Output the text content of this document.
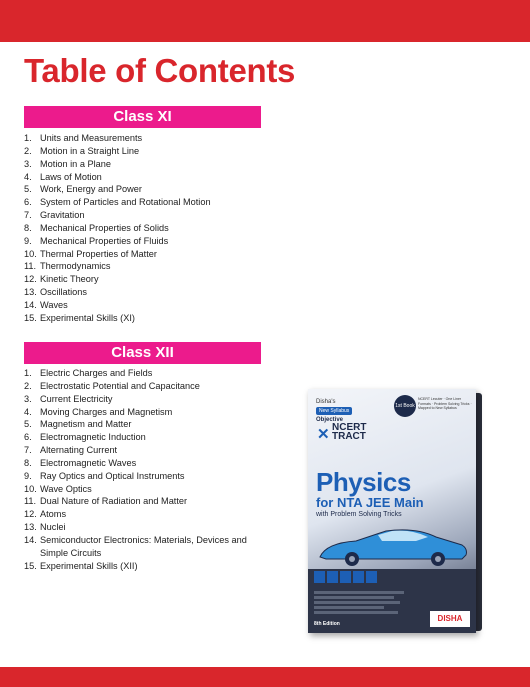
Table of Contents
Class XI
1. Units and Measurements
2. Motion in a Straight Line
3. Motion in a Plane
4. Laws of Motion
5. Work, Energy and Power
6. System of Particles and Rotational Motion
7. Gravitation
8. Mechanical Properties of Solids
9. Mechanical Properties of Fluids
10. Thermal Properties of Matter
11. Thermodynamics
12. Kinetic Theory
13. Oscillations
14. Waves
15. Experimental Skills (XI)
Class XII
1. Electric Charges and Fields
2. Electrostatic Potential and Capacitance
3. Current Electricity
4. Moving Charges and Magnetism
5. Magnetism and Matter
6. Electromagnetic Induction
7. Alternating Current
8. Electromagnetic Waves
9. Ray Optics and Optical Instruments
10. Wave Optics
11. Dual Nature of Radiation and Matter
12. Atoms
13. Nuclei
14. Semiconductor Electronics: Materials, Devices and Simple Circuits
15. Experimental Skills (XII)
Disha's
New Syllabus
Objective
✕ NCERT
TRACT
1st Book
NCERT Lecuter · One Liner Formats · Problem Solving Tricks · Mapped to New Syllabus
Physics
for NTA JEE Main
with Problem Solving Tricks
8th Edition
DISHA
